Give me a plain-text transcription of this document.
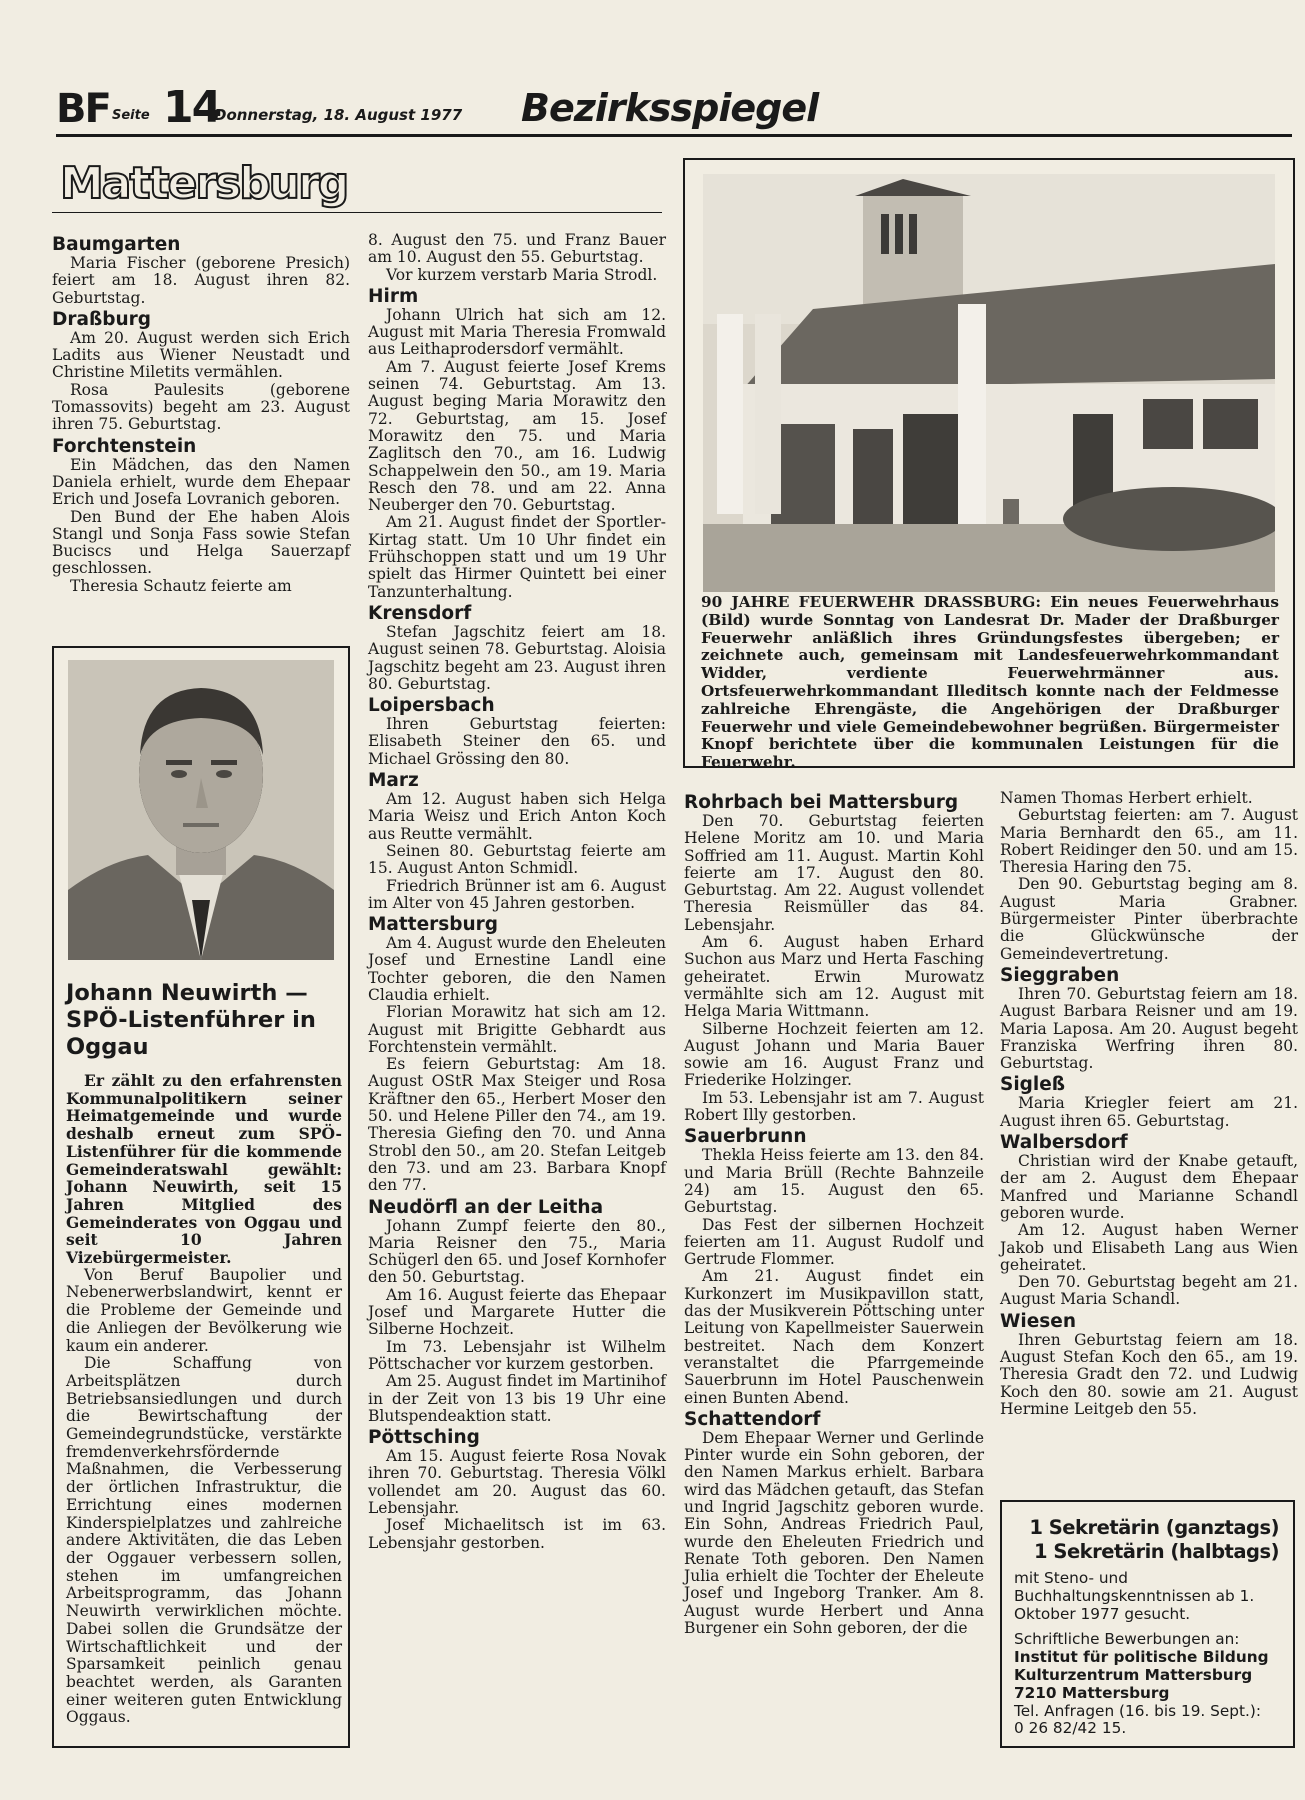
BF Seite 14
Donnerstag, 18. August 1977 Bezirksspiegel
Mattersburg
Baumgarten

Maria Fischer (geborene Presich) feiert am 18. August ihren 82. Geburtstag.

Draßburg

Am 20. August werden sich Erich Ladits aus Wiener Neustadt und Christine Miletits vermählen.

Rosa Paulesits (geborene Tomassovits) begeht am 23. August ihren 75. Geburtstag.

Forchtenstein

Ein Mädchen, das den Namen Daniela erhielt, wurde dem Ehepaar Erich und Josefa Lovranich geboren.

Den Bund der Ehe haben Alois Stangl und Sonja Fass sowie Stefan Buciscs und Helga Sauerzapf geschlossen.

Theresia Schautz feierte am

Johann Neuwirth — SPÖ-Listenführer in Oggau

Er zählt zu den erfahrensten Kommunalpolitikern seiner Heimatgemeinde und wurde deshalb erneut zum SPÖ-Listenführer für die kommende Gemeinderatswahl gewählt: Johann Neuwirth, seit 15 Jahren Mitglied des Gemeinderates von Oggau und seit 10 Jahren Vizebürgermeister.

Von Beruf Baupolier und Nebenerwerbslandwirt, kennt er die Probleme der Gemeinde und die Anliegen der Bevölkerung wie kaum ein anderer.

Die Schaffung von Arbeitsplätzen durch Betriebsansiedlungen und durch die Bewirtschaftung der Gemeindegrundstücke, verstärkte fremdenverkehrsfördernde Maßnahmen, die Verbesserung der örtlichen Infrastruktur, die Errichtung eines modernen Kinderspielplatzes und zahlreiche andere Aktivitäten, die das Leben der Oggauer verbessern sollen, stehen im umfangreichen Arbeitsprogramm, das Johann Neuwirth verwirklichen möchte. Dabei sollen die Grundsätze der Wirtschaftlichkeit und der Sparsamkeit peinlich genau beachtet werden, als Garanten einer weiteren guten Entwicklung Oggaus.

8. August den 75. und Franz Bauer am 10. August den 55. Geburtstag.

Vor kurzem verstarb Maria Strodl.

Hirm

Johann Ulrich hat sich am 12. August mit Maria Theresia Fromwald aus Leithaprodersdorf vermählt.

Am 7. August feierte Josef Krems seinen 74. Geburtstag. Am 13. August beging Maria Morawitz den 72. Geburtstag, am 15. Josef Morawitz den 75. und Maria Zaglitsch den 70., am 16. Ludwig Schappelwein den 50., am 19. Maria Resch den 78. und am 22. Anna Neuberger den 70. Geburtstag.

Am 21. August findet der Sportler-Kirtag statt. Um 10 Uhr findet ein Frühschoppen statt und um 19 Uhr spielt das Hirmer Quintett bei einer Tanzunterhaltung.

Krensdorf

Stefan Jagschitz feiert am 18. August seinen 78. Geburtstag. Aloisia Jagschitz begeht am 23. August ihren 80. Geburtstag.

Loipersbach

Ihren Geburtstag feierten: Elisabeth Steiner den 65. und Michael Grössing den 80.

Marz

Am 12. August haben sich Helga Maria Weisz und Erich Anton Koch aus Reutte vermählt.

Seinen 80. Geburtstag feierte am 15. August Anton Schmidl.

Friedrich Brünner ist am 6. August im Alter von 45 Jahren gestorben.

Mattersburg

Am 4. August wurde den Eheleuten Josef und Ernestine Landl eine Tochter geboren, die den Namen Claudia erhielt.

Florian Morawitz hat sich am 12. August mit Brigitte Gebhardt aus Forchtenstein vermählt.

Es feiern Geburtstag: Am 18. August OStR Max Steiger und Rosa Kräftner den 65., Herbert Moser den 50. und Helene Piller den 74., am 19. Theresia Giefing den 70. und Anna Strobl den 50., am 20. Stefan Leitgeb den 73. und am 23. Barbara Knopf den 77.

Neudörfl an der Leitha

Johann Zumpf feierte den 80., Maria Reisner den 75., Maria Schügerl den 65. und Josef Kornhofer den 50. Geburtstag.

Am 16. August feierte das Ehepaar Josef und Margarete Hutter die Silberne Hochzeit.

Im 73. Lebensjahr ist Wilhelm Pöttschacher vor kurzem gestorben.

Am 25. August findet im Martinihof in der Zeit von 13 bis 19 Uhr eine Blutspendeaktion statt.

Pöttsching

Am 15. August feierte Rosa Novak ihren 70. Geburtstag. Theresia Völkl vollendet am 20. August das 60. Lebensjahr.

Josef Michaelitsch ist im 63. Lebensjahr gestorben.

90 JAHRE FEUERWEHR DRASSBURG: Ein neues Feuerwehrhaus (Bild) wurde Sonntag von Landesrat Dr. Mader der Draßburger Feuerwehr anläßlich ihres Gründungsfestes übergeben; er zeichnete auch, gemeinsam mit Landesfeuerwehrkommandant Widder, verdiente Feuerwehrmänner aus. Ortsfeuerwehrkommandant Illeditsch konnte nach der Feldmesse zahlreiche Ehrengäste, die Angehörigen der Draßburger Feuerwehr und viele Gemeindebewohner begrüßen. Bürgermeister Knopf berichtete über die kommunalen Leistungen für die Feuerwehr.
Rohrbach bei Mattersburg

Den 70. Geburtstag feierten Helene Moritz am 10. und Maria Soffried am 11. August. Martin Kohl feierte am 17. August den 80. Geburtstag. Am 22. August vollendet Theresia Reismüller das 84. Lebensjahr.

Am 6. August haben Erhard Suchon aus Marz und Herta Fasching geheiratet. Erwin Murowatz vermählte sich am 12. August mit Helga Maria Wittmann.

Silberne Hochzeit feierten am 12. August Johann und Maria Bauer sowie am 16. August Franz und Friederike Holzinger.

Im 53. Lebensjahr ist am 7. August Robert Illy gestorben.

Sauerbrunn

Thekla Heiss feierte am 13. den 84. und Maria Brüll (Rechte Bahnzeile 24) am 15. August den 65. Geburtstag.

Das Fest der silbernen Hochzeit feierten am 11. August Rudolf und Gertrude Flommer.

Am 21. August findet ein Kurkonzert im Musikpavillon statt, das der Musikverein Pöttsching unter Leitung von Kapellmeister Sauerwein bestreitet. Nach dem Konzert veranstaltet die Pfarrgemeinde Sauerbrunn im Hotel Pauschenwein einen Bunten Abend.

Schattendorf

Dem Ehepaar Werner und Gerlinde Pinter wurde ein Sohn geboren, der den Namen Markus erhielt. Barbara wird das Mädchen getauft, das Stefan und Ingrid Jagschitz geboren wurde. Ein Sohn, Andreas Friedrich Paul, wurde den Eheleuten Friedrich und Renate Toth geboren. Den Namen Julia erhielt die Tochter der Eheleute Josef und Ingeborg Tranker. Am 8. August wurde Herbert und Anna Burgener ein Sohn geboren, der die

Namen Thomas Herbert erhielt.

Geburtstag feierten: am 7. August Maria Bernhardt den 65., am 11. Robert Reidinger den 50. und am 15. Theresia Haring den 75.

Den 90. Geburtstag beging am 8. August Maria Grabner. Bürgermeister Pinter überbrachte die Glückwünsche der Gemeindevertretung.

Sieggraben

Ihren 70. Geburtstag feiern am 18. August Barbara Reisner und am 19. Maria Laposa. Am 20. August begeht Franziska Werfring ihren 80. Geburtstag.

Sigleß

Maria Kriegler feiert am 21. August ihren 65. Geburtstag.

Walbersdorf

Christian wird der Knabe getauft, der am 2. August dem Ehepaar Manfred und Marianne Schandl geboren wurde.

Am 12. August haben Werner Jakob und Elisabeth Lang aus Wien geheiratet.

Den 70. Geburtstag begeht am 21. August Maria Schandl.

Wiesen

Ihren Geburtstag feiern am 18. August Stefan Koch den 65., am 19. Theresia Gradt den 72. und Ludwig Koch den 80. sowie am 21. August Hermine Leitgeb den 55.

1 Sekretärin (ganztags)
1 Sekretärin (halbtags)

mit Steno- und Buchhaltungskenntnissen ab 1. Oktober 1977 gesucht.

Schriftliche Bewerbungen an:

Institut für politische Bildung

Kulturzentrum Mattersburg

7210 Mattersburg

Tel. Anfragen (16. bis 19. Sept.):

0 26 82/42 15.
